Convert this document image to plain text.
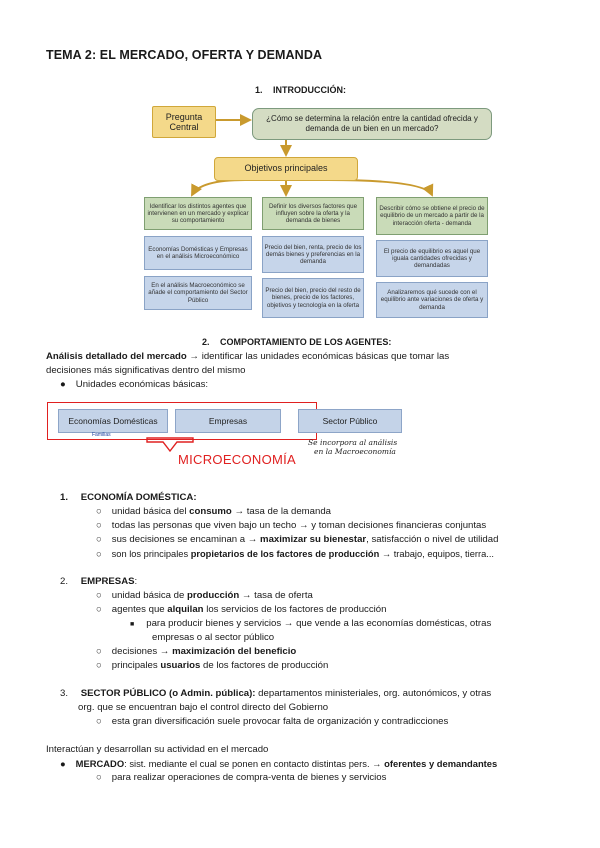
TEMA 2: EL MERCADO, OFERTA Y DEMANDA
1. INTRODUCCIÓN:
Pregunta Central
¿Cómo se determina la relación entre la cantidad ofrecida y demanda de un bien en un mercado?
Objetivos principales
Identificar los distintos agentes que intervienen en un mercado y explicar su comportamiento
Economías Domésticas y Empresas en el análisis Microeconómico
En el análisis Macroeconómico se añade el comportamiento del Sector Público
Definir los diversos factores que influyen sobre la oferta y la demanda de bienes
Precio del bien, renta, precio de los demás bienes y preferencias en la demanda
Precio del bien, precio del resto de bienes, precio de los factores, objetivos y tecnología en la oferta
Describir cómo se obtiene el precio de equilibrio de un mercado a partir de la interacción oferta - demanda
El precio de equilibrio es aquel que iguala cantidades ofrecidas y demandadas
Analizaremos qué sucede con el equilibrio ante variaciones de oferta y demanda
2. COMPORTAMIENTO DE LOS AGENTES:
Análisis detallado del mercado → identificar las unidades económicas básicas que tomar las
decisiones más significativas dentro del mismo
● Unidades económicas básicas:
Economías Domésticas
Familias
Empresas	Sector Público
MICROECONOMÍA
Se incorpora al análisis
en la Macroeconomía
1. ECONOMÍA DOMÉSTICA:
○ unidad básica del consumo → tasa de la demanda
○ todas las personas que viven bajo un techo → y toman decisiones financieras conjuntas
○ sus decisiones se encaminan a → maximizar su bienestar, satisfacción o nivel de utilidad
○ son los principales propietarios de los factores de producción → trabajo, equipos, tierra...
2. EMPRESAS:
○ unidad básica de producción → tasa de oferta
○ agentes que alquilan los servicios de los factores de producción
■ para producir bienes y servicios → que vende a las economías domésticas, otras
empresas o al sector público
○ decisiones → maximización del beneficio
○ principales usuarios de los factores de producción
3. SECTOR PÚBLICO (o Admin. pública): departamentos ministeriales, org. autonómicos, y otras
org. que se encuentran bajo el control directo del Gobierno
○ esta gran diversificación suele provocar falta de organización y contradicciones
Interactúan y desarrollan su actividad en el mercado
● MERCADO: sist. mediante el cual se ponen en contacto distintas pers. → oferentes y demandantes
○ para realizar operaciones de compra-venta de bienes y servicios
